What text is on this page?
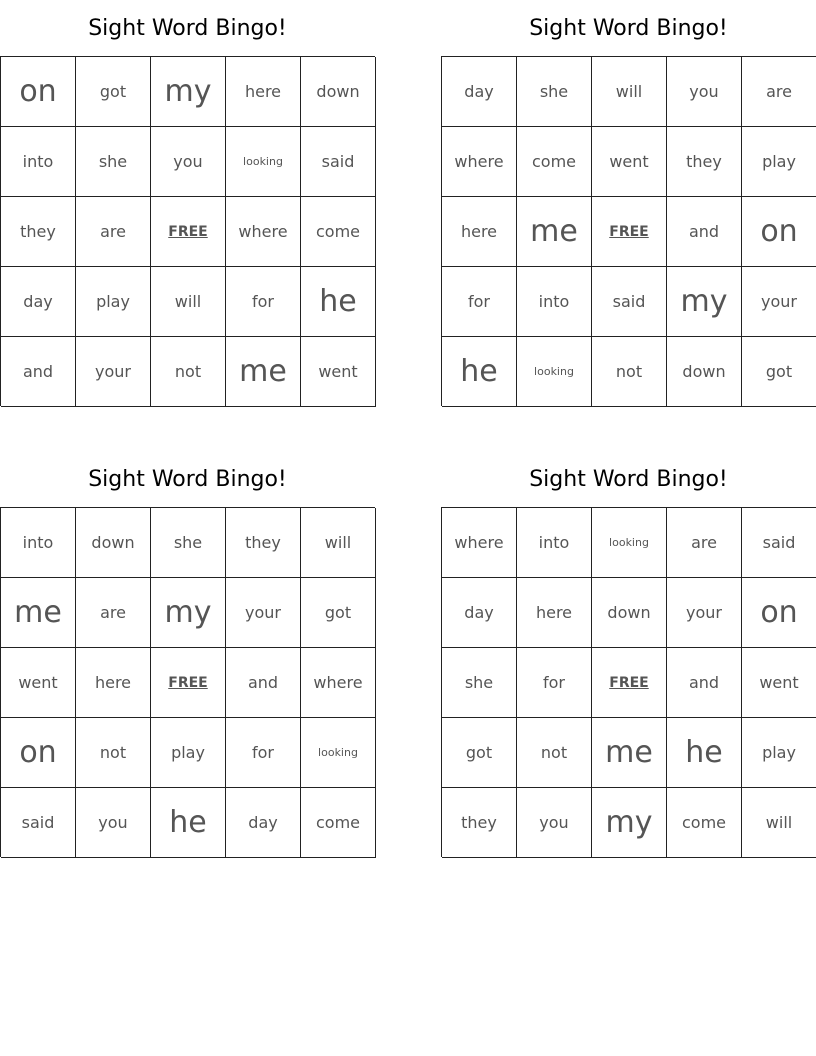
Sight Word Bingo!
on	got	my	here	down
into	she	you	looking	said
they	are	FREE	where	come
day	play	will	for	he
and	your	not	me	went
Sight Word Bingo!
day	she	will	you	are
where	come	went	they	play
here	me	FREE	and	on
for	into	said	my	your
he	looking	not	down	got
Sight Word Bingo!
into	down	she	they	will
me	are	my	your	got
went	here	FREE	and	where
on	not	play	for	looking
said	you	he	day	come
Sight Word Bingo!
where	into	looking	are	said
day	here	down	your	on
she	for	FREE	and	went
got	not	me	he	play
they	you	my	come	will
